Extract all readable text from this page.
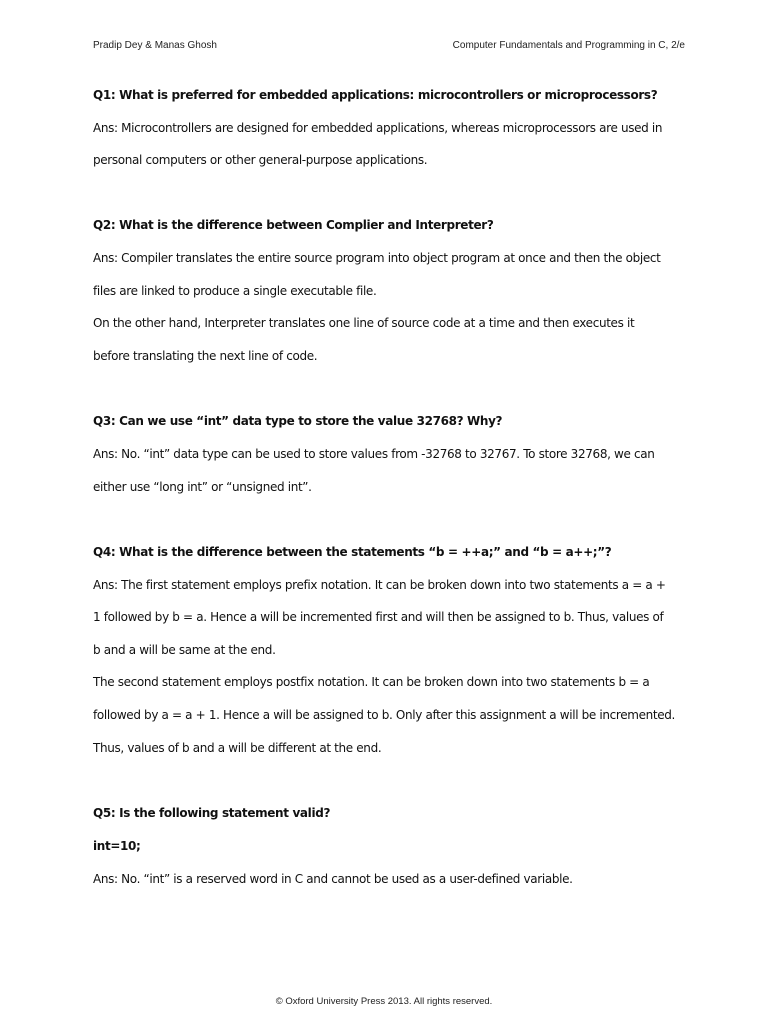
Pradip Dey & Manas Ghosh	Computer Fundamentals and Programming in C, 2/e
Q1: What is preferred for embedded applications: microcontrollers or microprocessors?
Ans: Microcontrollers are designed for embedded applications, whereas microprocessors are used in
personal computers or other general-purpose applications.
Q2: What is the difference between Complier and Interpreter?
Ans: Compiler translates the entire source program into object program at once and then the object
files are linked to produce a single executable file.
On the other hand, Interpreter translates one line of source code at a time and then executes it
before translating the next line of code.
Q3: Can we use “int” data type to store the value 32768? Why?
Ans: No. “int” data type can be used to store values from -32768 to 32767. To store 32768, we can
either use “long int” or “unsigned int”.
Q4: What is the difference between the statements “b = ++a;” and “b = a++;”?
Ans: The first statement employs prefix notation. It can be broken down into two statements a = a +
1 followed by b = a. Hence a will be incremented first and will then be assigned to b. Thus, values of
b and a will be same at the end.
The second statement employs postfix notation. It can be broken down into two statements b = a
followed by a = a + 1. Hence a will be assigned to b. Only after this assignment a will be incremented.
Thus, values of b and a will be different at the end.
Q5: Is the following statement valid?
int=10;
Ans: No. “int” is a reserved word in C and cannot be used as a user-defined variable.
© Oxford University Press 2013. All rights reserved.
